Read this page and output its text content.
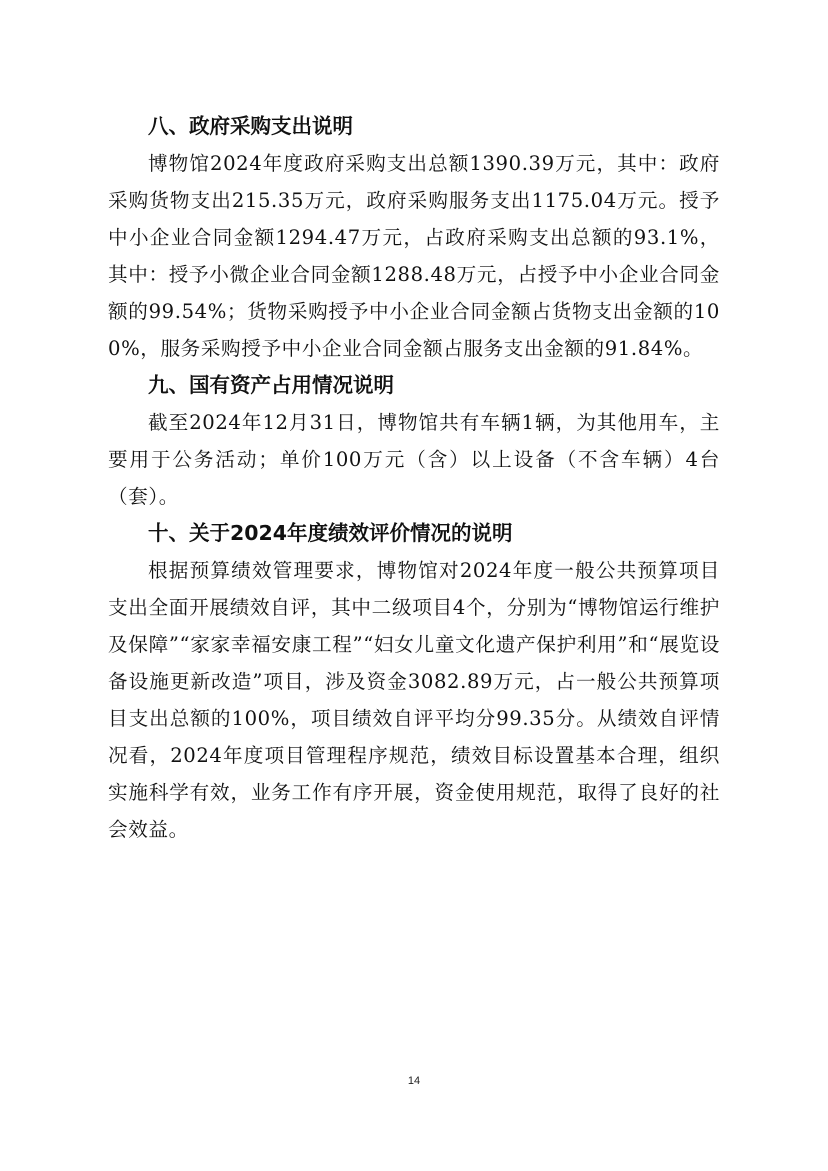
八、政府采购支出说明

博物馆2024年度政府采购支出总额1390.39万元，其中：政府采购货物支出215.35万元，政府采购服务支出1175.04万元。授予中小企业合同金额1294.47万元，占政府采购支出总额的93.1%，其中：授予小微企业合同金额1288.48万元，占授予中小企业合同金额的99.54%；货物采购授予中小企业合同金额占货物支出金额的100%，服务采购授予中小企业合同金额占服务支出金额的91.84%。

九、国有资产占用情况说明

截至2024年12月31日，博物馆共有车辆1辆，为其他用车，主要用于公务活动；单价100万元（含）以上设备（不含车辆）4台（套）。

十、关于2024年度绩效评价情况的说明

根据预算绩效管理要求，博物馆对2024年度一般公共预算项目支出全面开展绩效自评，其中二级项目4个，分别为“博物馆运行维护及保障”“家家幸福安康工程”“妇女儿童文化遗产保护利用”和“展览设备设施更新改造”项目，涉及资金3082.89万元，占一般公共预算项目支出总额的100%，项目绩效自评平均分99.35分。从绩效自评情况看，2024年度项目管理程序规范，绩效目标设置基本合理，组织实施科学有效，业务工作有序开展，资金使用规范，取得了良好的社会效益。

14
